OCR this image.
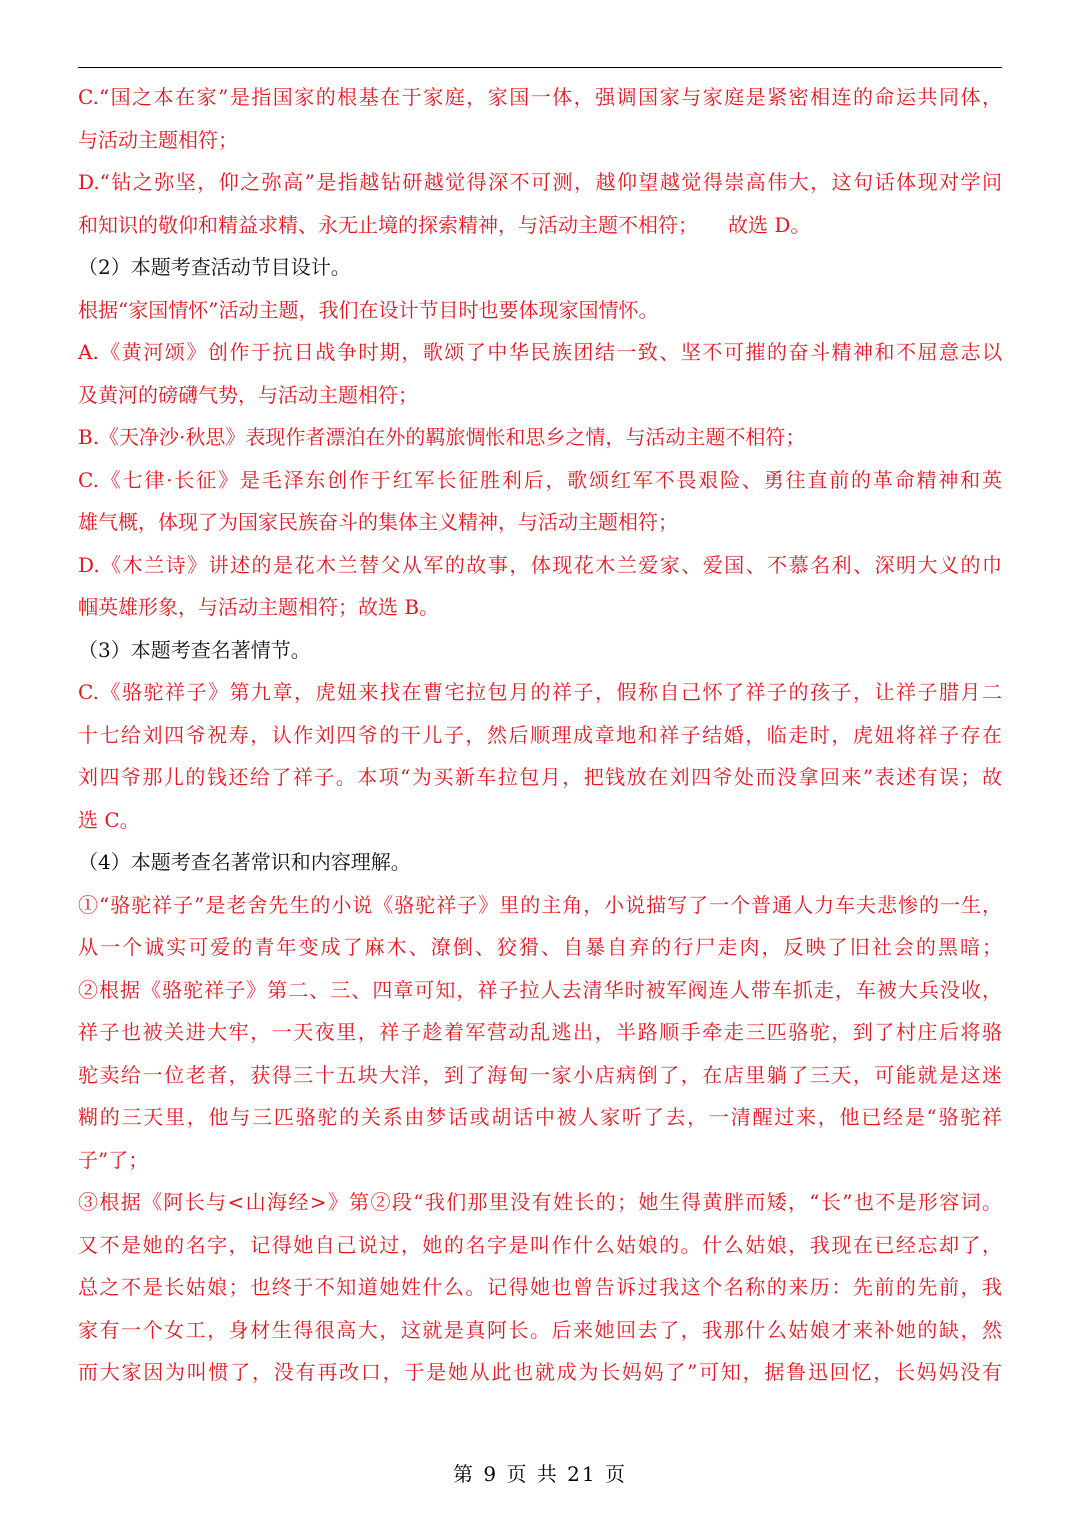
C.“国之本在家”是指国家的根基在于家庭，家国一体，强调国家与家庭是紧密相连的命运共同体，
与活动主题相符；
D.“钻之弥坚，仰之弥高”是指越钻研越觉得深不可测，越仰望越觉得崇高伟大，这句话体现对学问
和知识的敬仰和精益求精、永无止境的探索精神，与活动主题不相符；　　故选 D。
（2）本题考查活动节目设计。
根据“家国情怀”活动主题，我们在设计节目时也要体现家国情怀。
A.《黄河颂》创作于抗日战争时期，歌颂了中华民族团结一致、坚不可摧的奋斗精神和不屈意志以
及黄河的磅礴气势，与活动主题相符；
B.《天净沙·秋思》表现作者漂泊在外的羁旅惆怅和思乡之情，与活动主题不相符；
C.《七律·长征》是毛泽东创作于红军长征胜利后，歌颂红军不畏艰险、勇往直前的革命精神和英
雄气概，体现了为国家民族奋斗的集体主义精神，与活动主题相符；
D.《木兰诗》讲述的是花木兰替父从军的故事，体现花木兰爱家、爱国、不慕名利、深明大义的巾
帼英雄形象，与活动主题相符；故选 B。
（3）本题考查名著情节。
C.《骆驼祥子》第九章，虎妞来找在曹宅拉包月的祥子，假称自己怀了祥子的孩子，让祥子腊月二
十七给刘四爷祝寿，认作刘四爷的干儿子，然后顺理成章地和祥子结婚，临走时，虎妞将祥子存在
刘四爷那儿的钱还给了祥子。本项“为买新车拉包月，把钱放在刘四爷处而没拿回来”表述有误；故
选 C。
（4）本题考查名著常识和内容理解。
①“骆驼祥子”是老舍先生的小说《骆驼祥子》里的主角，小说描写了一个普通人力车夫悲惨的一生，
从一个诚实可爱的青年变成了麻木、潦倒、狡猾、自暴自弃的行尸走肉，反映了旧社会的黑暗；
②根据《骆驼祥子》第二、三、四章可知，祥子拉人去清华时被军阀连人带车抓走，车被大兵没收，
祥子也被关进大牢，一天夜里，祥子趁着军营动乱逃出，半路顺手牵走三匹骆驼，到了村庄后将骆
驼卖给一位老者，获得三十五块大洋，到了海甸一家小店病倒了，在店里躺了三天，可能就是这迷
糊的三天里，他与三匹骆驼的关系由梦话或胡话中被人家听了去，一清醒过来，他已经是“骆驼祥
子”了；
③根据《阿长与<山海经>》第②段“我们那里没有姓长的；她生得黄胖而矮，“长”也不是形容词。
又不是她的名字，记得她自己说过，她的名字是叫作什么姑娘的。什么姑娘，我现在已经忘却了，
总之不是长姑娘；也终于不知道她姓什么。记得她也曾告诉过我这个名称的来历：先前的先前，我
家有一个女工，身材生得很高大，这就是真阿长。后来她回去了，我那什么姑娘才来补她的缺，然
而大家因为叫惯了，没有再改口，于是她从此也就成为长妈妈了”可知，据鲁迅回忆，长妈妈没有
第 9 页 共 21 页
